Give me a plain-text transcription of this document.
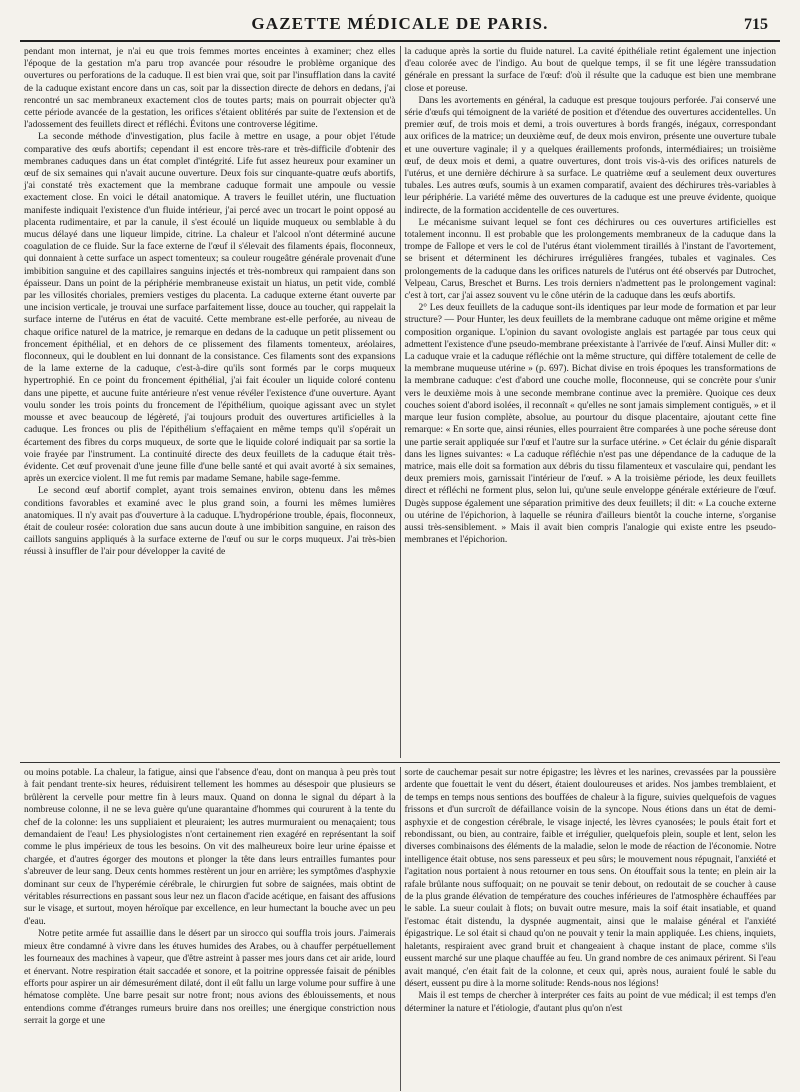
GAZETTE MÉDICALE DE PARIS.	715

pendant mon internat, je n'ai eu que trois femmes mortes enceintes à examiner; chez elles l'époque de la gestation m'a paru trop avancée pour résoudre le problème organique des ouvertures ou perforations de la caduque. Il est bien vrai que, soit par l'insufflation dans la cavité de la caduque existant encore dans un cas, soit par la dissection directe de dehors en dedans, j'ai rencontré un sac membraneux exactement clos de toutes parts; mais on pourrait objecter qu'à cette période avancée de la gestation, les orifices s'étaient oblitérés par suite de l'extension et de l'adossement des feuillets direct et réfléchi. Évitons une controverse légitime.

La seconde méthode d'investigation, plus facile à mettre en usage, a pour objet l'étude comparative des œufs abortifs; cependant il est encore très-rare et très-difficile d'obtenir des membranes caduques dans un état complet d'intégrité. Life fut assez heureux pour examiner un œuf de six semaines qui n'avait aucune ouverture. Deux fois sur cinquante-quatre œufs abortifs, j'ai constaté très exactement que la membrane caduque formait une ampoule ou vessie exactement close. En voici le détail anatomique. A travers le feuillet utérin, une fluctuation manifeste indiquait l'existence d'un fluide intérieur, j'ai percé avec un trocart le point opposé au placenta rudimentaire, et par la canule, il s'est écoulé un liquide muqueux ou semblable à du mucus délayé dans une liqueur limpide, citrine. La chaleur et l'alcool n'ont déterminé aucune coagulation de ce fluide. Sur la face externe de l'œuf il s'élevait des filaments épais, floconneux, qui donnaient à cette surface un aspect tomenteux; sa couleur rougeâtre générale provenait d'une imbibition sanguine et des capillaires sanguins injectés et très-nombreux qui rampaient dans son épaisseur. Dans un point de la périphérie membraneuse existait un hiatus, un petit vide, comblé par les villosités choriales, premiers vestiges du placenta. La caduque externe étant ouverte par une incision verticale, je trouvai une surface parfaitement lisse, douce au toucher, qui rappelait la surface interne de l'utérus en état de vacuité. Cette membrane est-elle perforée, au niveau de chaque orifice naturel de la matrice, je remarque en dedans de la caduque un petit plissement ou froncement épithélial, et en dehors de ce plissement des filaments tomenteux, aréolaires, floconneux, qui le doublent en lui donnant de la consistance. Ces filaments sont des expansions de la lame externe de la caduque, c'est-à-dire qu'ils sont formés par le corps muqueux hypertrophié. En ce point du froncement épithélial, j'ai fait écouler un liquide coloré contenu dans une pipette, et aucune fuite antérieure n'est venue révéler l'existence d'une ouverture. Ayant voulu sonder les trois points du froncement de l'épithélium, quoique agissant avec un stylet mousse et avec beaucoup de légèreté, j'ai toujours produit des ouvertures artificielles à la caduque. Les fronces ou plis de l'épithélium s'effaçaient en même temps qu'il s'opérait un écartement des fibres du corps muqueux, de sorte que le liquide coloré indiquait par sa sortie la voie frayée par l'instrument. La continuité directe des deux feuillets de la caduque était très-évidente. Cet œuf provenait d'une jeune fille d'une belle santé et qui avait avorté à six semaines, après un exercice violent. Il me fut remis par madame Semane, habile sage-femme.

Le second œuf abortif complet, ayant trois semaines environ, obtenu dans les mêmes conditions favorables et examiné avec le plus grand soin, a fourni les mêmes lumières anatomiques. Il n'y avait pas d'ouverture à la caduque. L'hydropérione trouble, épais, floconneux, était de couleur rosée: coloration due sans aucun doute à une imbibition sanguine, en raison des caillots sanguins appliqués à la surface externe de l'œuf ou sur le corps muqueux. J'ai très-bien réussi à insuffler de l'air pour développer la cavité de

la caduque après la sortie du fluide naturel. La cavité épithéliale retint également une injection d'eau colorée avec de l'indigo. Au bout de quelque temps, il se fit une légère transsudation générale en pressant la surface de l'œuf: d'où il résulte que la caduque est bien une membrane close et poreuse.

Dans les avortements en général, la caduque est presque toujours perforée. J'ai conservé une série d'œufs qui témoignent de la variété de position et d'étendue des ouvertures accidentelles. Un premier œuf, de trois mois et demi, a trois ouvertures à bords frangés, inégaux, correspondant aux orifices de la matrice; un deuxième œuf, de deux mois environ, présente une ouverture tubale et une ouverture vaginale; il y a quelques éraillements profonds, intermédiaires; un troisième œuf, de deux mois et demi, a quatre ouvertures, dont trois vis-à-vis des orifices naturels de l'utérus, et une dernière déchirure à sa surface. Le quatrième œuf a seulement deux ouvertures tubales. Les autres œufs, soumis à un examen comparatif, avaient des déchirures très-variables à leur périphérie. La variété même des ouvertures de la caduque est une preuve évidente, quoique indirecte, de la formation accidentelle de ces ouvertures.

Le mécanisme suivant lequel se font ces déchirures ou ces ouvertures artificielles est totalement inconnu. Il est probable que les prolongements membraneux de la caduque dans la trompe de Fallope et vers le col de l'utérus étant violemment tiraillés à l'instant de l'avortement, se brisent et déterminent les déchirures irrégulières frangées, tubales et vaginales. Ces prolongements de la caduque dans les orifices naturels de l'utérus ont été observés par Dutrochet, Velpeau, Carus, Breschet et Burns. Les trois derniers n'admettent pas le prolongement vaginal: c'est à tort, car j'ai assez souvent vu le cône utérin de la caduque dans les œufs abortifs.

2° Les deux feuillets de la caduque sont-ils identiques par leur mode de formation et par leur structure? — Pour Hunter, les deux feuillets de la membrane caduque ont même origine et même composition organique. L'opinion du savant ovologiste anglais est partagée par tous ceux qui admettent l'existence d'une pseudo-membrane préexistante à l'arrivée de l'œuf. Ainsi Muller dit: « La caduque vraie et la caduque réfléchie ont la même structure, qui diffère totalement de celle de la membrane muqueuse utérine » (p. 697). Bichat divise en trois époques les transformations de la membrane caduque: c'est d'abord une couche molle, floconneuse, qui se concrète pour s'unir vers le deuxième mois à une seconde membrane continue avec la première. Quoique ces deux couches soient d'abord isolées, il reconnaît « qu'elles ne sont jamais simplement contiguës, » et il marque leur fusion complète, absolue, au pourtour du disque placentaire, ajoutant cette fine remarque: « En sorte que, ainsi réunies, elles pourraient être comparées à une poche séreuse dont une partie serait appliquée sur l'œuf et l'autre sur la surface utérine. » Cet éclair du génie disparaît dans les lignes suivantes: « La caduque réfléchie n'est pas une dépendance de la caduque de la matrice, mais elle doit sa formation aux débris du tissu filamenteux et vasculaire qui, pendant les deux premiers mois, garnissait l'intérieur de l'œuf. » A la troisième période, les deux feuillets direct et réfléchi ne forment plus, selon lui, qu'une seule enveloppe générale extérieure de l'œuf. Dugès suppose également une séparation primitive des deux feuillets; il dit: « La couche externe ou utérine de l'épichorion, à laquelle se réunira d'ailleurs bientôt la couche interne, s'organise aussi très-sensiblement. » Mais il avait bien compris l'analogie qui existe entre les pseudo-membranes et l'épichorion.

ou moins potable. La chaleur, la fatigue, ainsi que l'absence d'eau, dont on manqua à peu près tout à fait pendant trente-six heures, réduisirent tellement les hommes au désespoir que plusieurs se brûlèrent la cervelle pour mettre fin à leurs maux. Quand on donna le signal du départ à la nombreuse colonne, il ne se leva guère qu'une quarantaine d'hommes qui coururent à la tente du chef de la colonne: les uns suppliaient et pleuraient; les autres murmuraient ou menaçaient; tous demandaient de l'eau! Les physiologistes n'ont certainement rien exagéré en représentant la soif comme le plus impérieux de tous les besoins. On vit des malheureux boire leur urine épaisse et chargée, et d'autres égorger des moutons et plonger la tête dans leurs entrailles fumantes pour s'abreuver de leur sang. Deux cents hommes restèrent un jour en arrière; les symptômes d'asphyxie dominant sur ceux de l'hyperémie cérébrale, le chirurgien fut sobre de saignées, mais obtint de véritables résurrections en passant sous leur nez un flacon d'acide acétique, en faisant des affusions sur le visage, et surtout, moyen héroïque par excellence, en leur humectant la bouche avec un peu d'eau.

Notre petite armée fut assaillie dans le désert par un sirocco qui souffla trois jours. J'aimerais mieux être condamné à vivre dans les étuves humides des Arabes, ou à chauffer perpétuellement les fourneaux des machines à vapeur, que d'être astreint à passer mes jours dans cet air aride, lourd et énervant. Notre respiration était saccadée et sonore, et la poitrine oppressée faisait de pénibles efforts pour aspirer un air démesurément dilaté, dont il eût fallu un large volume pour suffire à une hématose complète. Une barre pesait sur notre front; nous avions des éblouissements, et nous entendions comme d'étranges rumeurs bruire dans nos oreilles; une énergique constriction nous serrait la gorge et une

sorte de cauchemar pesait sur notre épigastre; les lèvres et les narines, crevassées par la poussière ardente que fouettait le vent du désert, étaient douloureuses et arides. Nos jambes tremblaient, et de temps en temps nous sentions des bouffées de chaleur à la figure, suivies quelquefois de vagues frissons et d'un surcroît de défaillance voisin de la syncope. Nous étions dans un état de demi-asphyxie et de congestion cérébrale, le visage injecté, les lèvres cyanosées; le pouls était fort et rebondissant, ou bien, au contraire, faible et irrégulier, quelquefois plein, souple et lent, selon les diverses combinaisons des éléments de la maladie, selon le mode de réaction de l'économie. Notre intelligence était obtuse, nos sens paresseux et peu sûrs; le mouvement nous répugnait, l'anxiété et l'agitation nous portaient à nous retourner en tous sens. On étouffait sous la tente; en plein air la rafale brûlante nous suffoquait; on ne pouvait se tenir debout, on redoutait de se coucher à cause de la plus grande élévation de température des couches inférieures de l'atmosphère échauffées par le sable. La sueur coulait à flots; on buvait outre mesure, mais la soif était insatiable, et quand l'estomac était distendu, la dyspnée augmentait, ainsi que le malaise général et l'anxiété épigastrique. Le sol était si chaud qu'on ne pouvait y tenir la main appliquée. Les chiens, inquiets, haletants, respiraient avec grand bruit et changeaient à chaque instant de place, comme s'ils eussent marché sur une plaque chauffée au feu. Un grand nombre de ces animaux périrent. Si l'eau avait manqué, c'en était fait de la colonne, et ceux qui, après nous, auraient foulé le sable du désert, eussent pu dire à la morne solitude: Rends-nous nos légions!

Mais il est temps de chercher à interpréter ces faits au point de vue médical; il est temps d'en déterminer la nature et l'étiologie, d'autant plus qu'on n'est
